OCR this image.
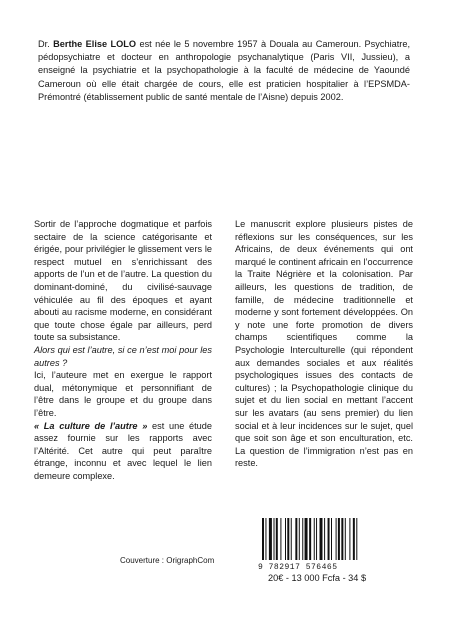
Dr. Berthe Elise LOLO est née le 5 novembre 1957 à Douala au Cameroun. Psychiatre, pédopsychiatre et docteur en anthropologie psychanalytique (Paris VII, Jussieu), a enseigné la psychiatrie et la psychopathologie à la faculté de médecine de Yaoundé Cameroun où elle était chargée de cours, elle est praticien hospitalier à l’EPSMDA-Prémontré (établissement public de santé mentale de l’Aisne) depuis 2002.

Sortir de l’approche dogmatique et parfois sectaire de la science catégorisante et érigée, pour privilégier le glissement vers le respect mutuel en s’enrichissant des apports de l’un et de l’autre. La question du dominant-dominé, du civilisé-sauvage véhiculée au fil des époques et ayant abouti au racisme moderne, en considérant que toute chose égale par ailleurs, perd toute sa subsistance.

Alors qui est l’autre, si ce n’est moi pour les autres ?

Ici, l’auteure met en exergue le rapport dual, métonymique et personnifiant de l’être dans le groupe et du groupe dans l’être.

« La culture de l’autre » est une étude assez fournie sur les rapports avec l’Altérité. Cet autre qui peut paraître étrange, inconnu et avec lequel le lien demeure complexe.

Le manuscrit explore plusieurs pistes de réflexions sur les conséquences, sur les Africains, de deux événements qui ont marqué le continent africain en l’occurrence la Traite Négrière et la colonisation. Par ailleurs, les questions de tradition, de famille, de médecine traditionnelle et moderne y sont fortement développées. On y note une forte promotion de divers champs scientifiques comme la Psychologie Interculturelle (qui répondent aux demandes sociales et aux réalités psychologiques issues des contacts de cultures) ; la Psychopathologie clinique du sujet et du lien social en mettant l’accent sur les avatars (au sens premier) du lien social et à leur incidences sur le sujet, quel que soit son âge et son enculturation, etc. La question de l’immigration n’est pas en reste.

9 782917 576465
Couverture : OrigraphCom
20€ - 13 000 Fcfa - 34 $
